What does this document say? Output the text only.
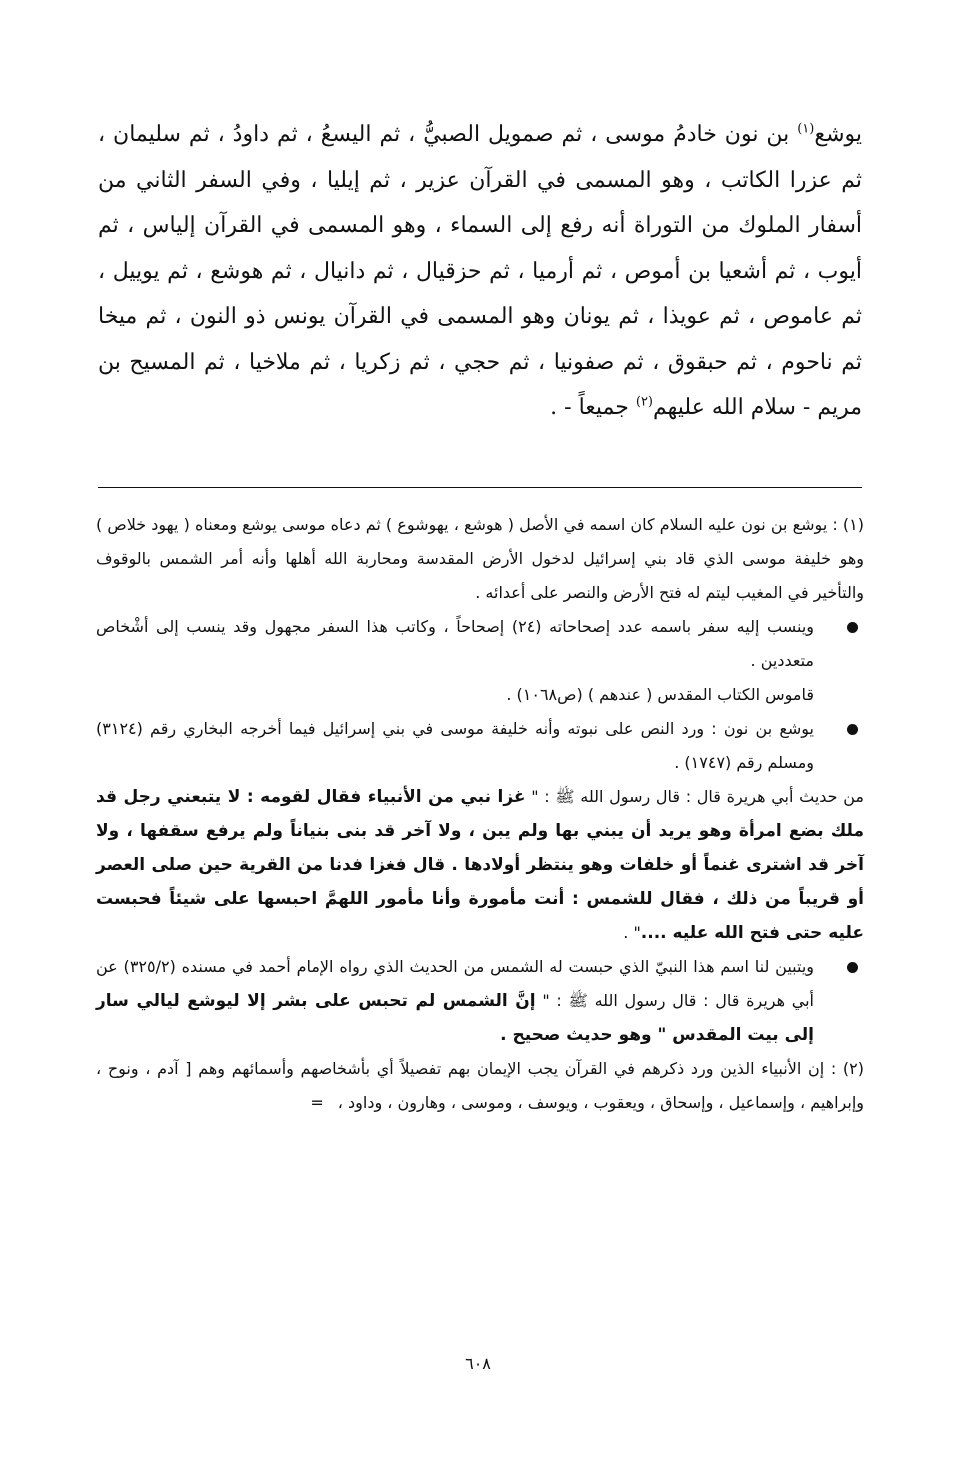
يوشع$^{(١)}$ بن نون خادمُ موسى ، ثم صمويل الصبيُّ ، ثم اليسعُ ، ثم داودُ ، ثم سليمان ، ثم عزرا الكاتب ، وهو المسمى في القرآن عزير ، ثم إيليا ، وفي السفر الثاني من أسفار الملوك من التوراة أنه رفع إلى السماء ، وهو المسمى في القرآن إلياس ، ثم أيوب ، ثم أشعيا بن أموص ، ثم أرميا ، ثم حزقيال ، ثم دانيال ، ثم هوشع ، ثم يوييل ، ثم عاموص ، ثم عويذا ، ثم يونان وهو المسمى في القرآن يونس ذو النون ، ثم ميخا ثم ناحوم ، ثم حبقوق ، ثم صفونيا ، ثم حجي ، ثم زكريا ، ثم ملاخيا ، ثم المسيح بن مريم - سلام الله عليهم$^{(٢)}$ جميعاً - .

(١) : يوشع بن نون عليه السلام كان اسمه في الأصل ( هوشع ، يهوشوع ) ثم دعاه موسى يوشع ومعناه ( يهود خلاص ) وهو خليفة موسى الذي قاد بني إسرائيل لدخول الأرض المقدسة ومحاربة الله أهلها وأنه أمر الشمس بالوقوف والتأخير في المغيب ليتم له فتح الأرض والنصر على أعدائه .

وينسب إليه سفر باسمه عدد إصحاحاته (٢٤) إصحاحاً ، وكاتب هذا السفر مجهول وقد ينسب إلى أشْخاص متعددين .

قاموس الكتاب المقدس ( عندهم ) (ص١٠٦٨) .

يوشع بن نون : ورد النص على نبوته وأنه خليفة موسى في بني إسرائيل فيما أخرجه البخاري رقم (٣١٢٤) ومسلم رقم (١٧٤٧) .

من حديث أبي هريرة قال : قال رسول الله ﷺ : " غزا نبي من الأنبياء فقال لقومه : لا يتبعني رجل قد ملك بضع امرأة وهو يريد أن يبني بها ولم يبن ، ولا آخر قد بنى بنياناً ولم يرفع سقفها ، ولا آخر قد اشترى غنماً أو خلفات وهو ينتظر أولادها . قال فغزا فدنا من القرية حين صلى العصر أو قريباً من ذلك ، فقال للشمس : أنت مأمورة وأنا مأمور اللهمَّ احبسها على شيئاً فحبست عليه حتى فتح الله عليه ...." .

ويتبين لنا اسم هذا النبيّ الذي حبست له الشمس من الحديث الذي رواه الإمام أحمد في مسنده (٣٢٥/٢) عن أبي هريرة قال : قال رسول الله ﷺ : " إنَّ الشمس لم تحبس على بشر إلا ليوشع ليالي سار إلى بيت المقدس " وهو حديث صحيح .

(٢) : إن الأنبياء الذين ورد ذكرهم في القرآن يجب الإيمان بهم تفصيلاً أي بأشخاصهم وأسمائهم وهم [ آدم ، ونوح ، وإبراهيم ، وإسماعيل ، وإسحاق ، ويعقوب ، ويوسف ، وموسى ، وهارون ، وداود ،=

٦٠٨
